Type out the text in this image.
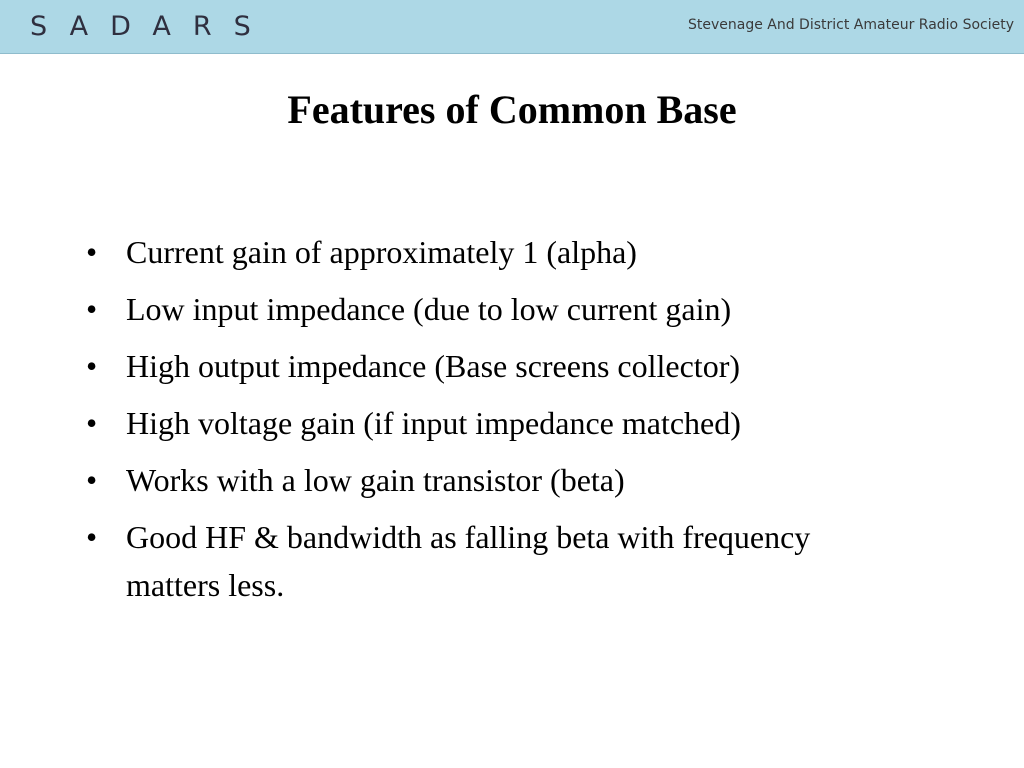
SADARS	Stevenage And District Amateur Radio Society
Features of Common Base
• Current gain of approximately 1 (alpha)
• Low input impedance (due to low current gain)
• High output impedance (Base screens collector)
• High voltage gain (if input impedance matched)
• Works with a low gain transistor (beta)
• Good HF & bandwidth as falling beta with frequency matters less.
